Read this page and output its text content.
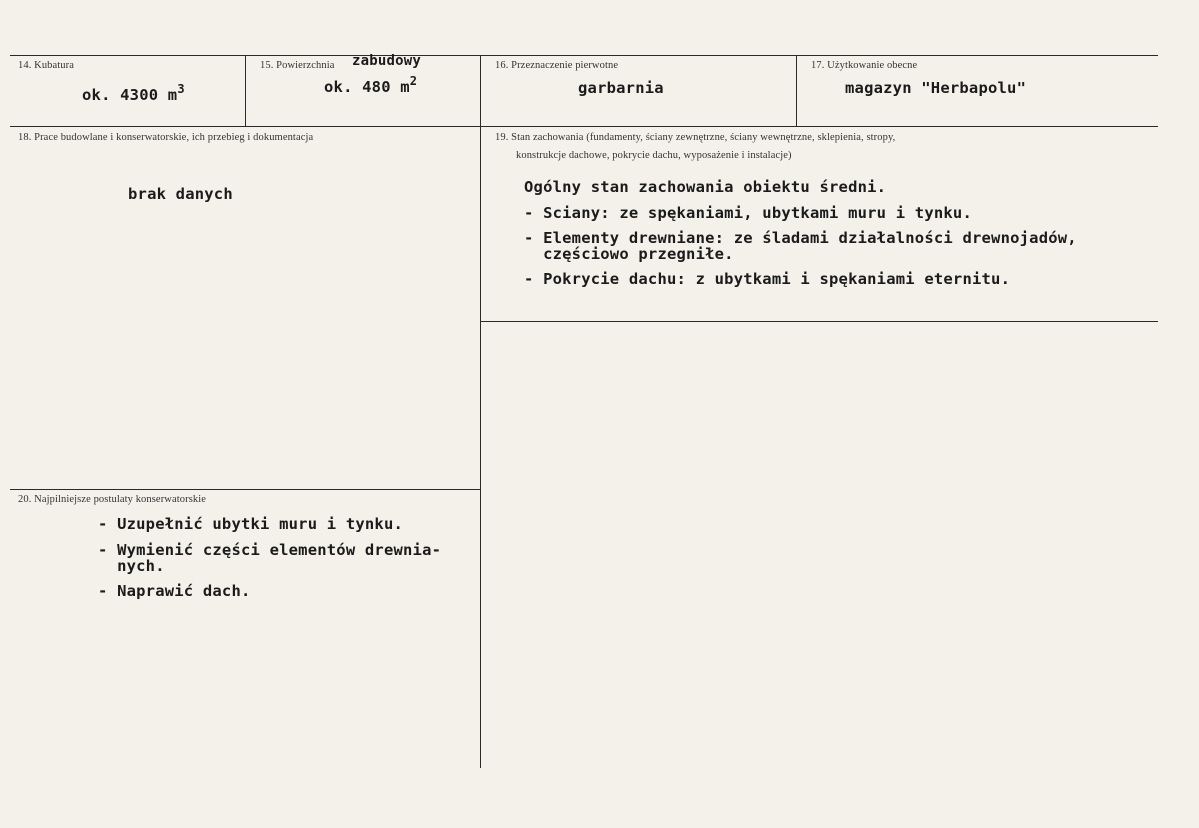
14. Kubatura
ok. 4300 $m^3$
15. Powierzchnia zabudowy
ok. 480 $m^2$
16. Przeznaczenie pierwotne
garbarnia
17. Użytkowanie obecne
magazyn "Herbapolu"
18. Prace budowlane i konserwatorskie, ich przebieg i dokumentacja
brak danych
19. Stan zachowania (fundamenty, ściany zewnętrzne, ściany wewnętrzne, sklepienia, stropy,
konstrukcje dachowe, pokrycie dachu, wyposażenie i instalacje)
Ogólny stan zachowania obiektu średni.
- Sciany: ze spękaniami, ubytkami muru i tynku.
- Elementy drewniane: ze śladami działalności drewnojadów,
częściowo przegniłe.
- Pokrycie dachu: z ubytkami i spękaniami eternitu.
20. Najpilniejsze postulaty konserwatorskie
- Uzupełnić ubytki muru i tynku.
- Wymienić części elementów drewnia-
nych.
- Naprawić dach.
